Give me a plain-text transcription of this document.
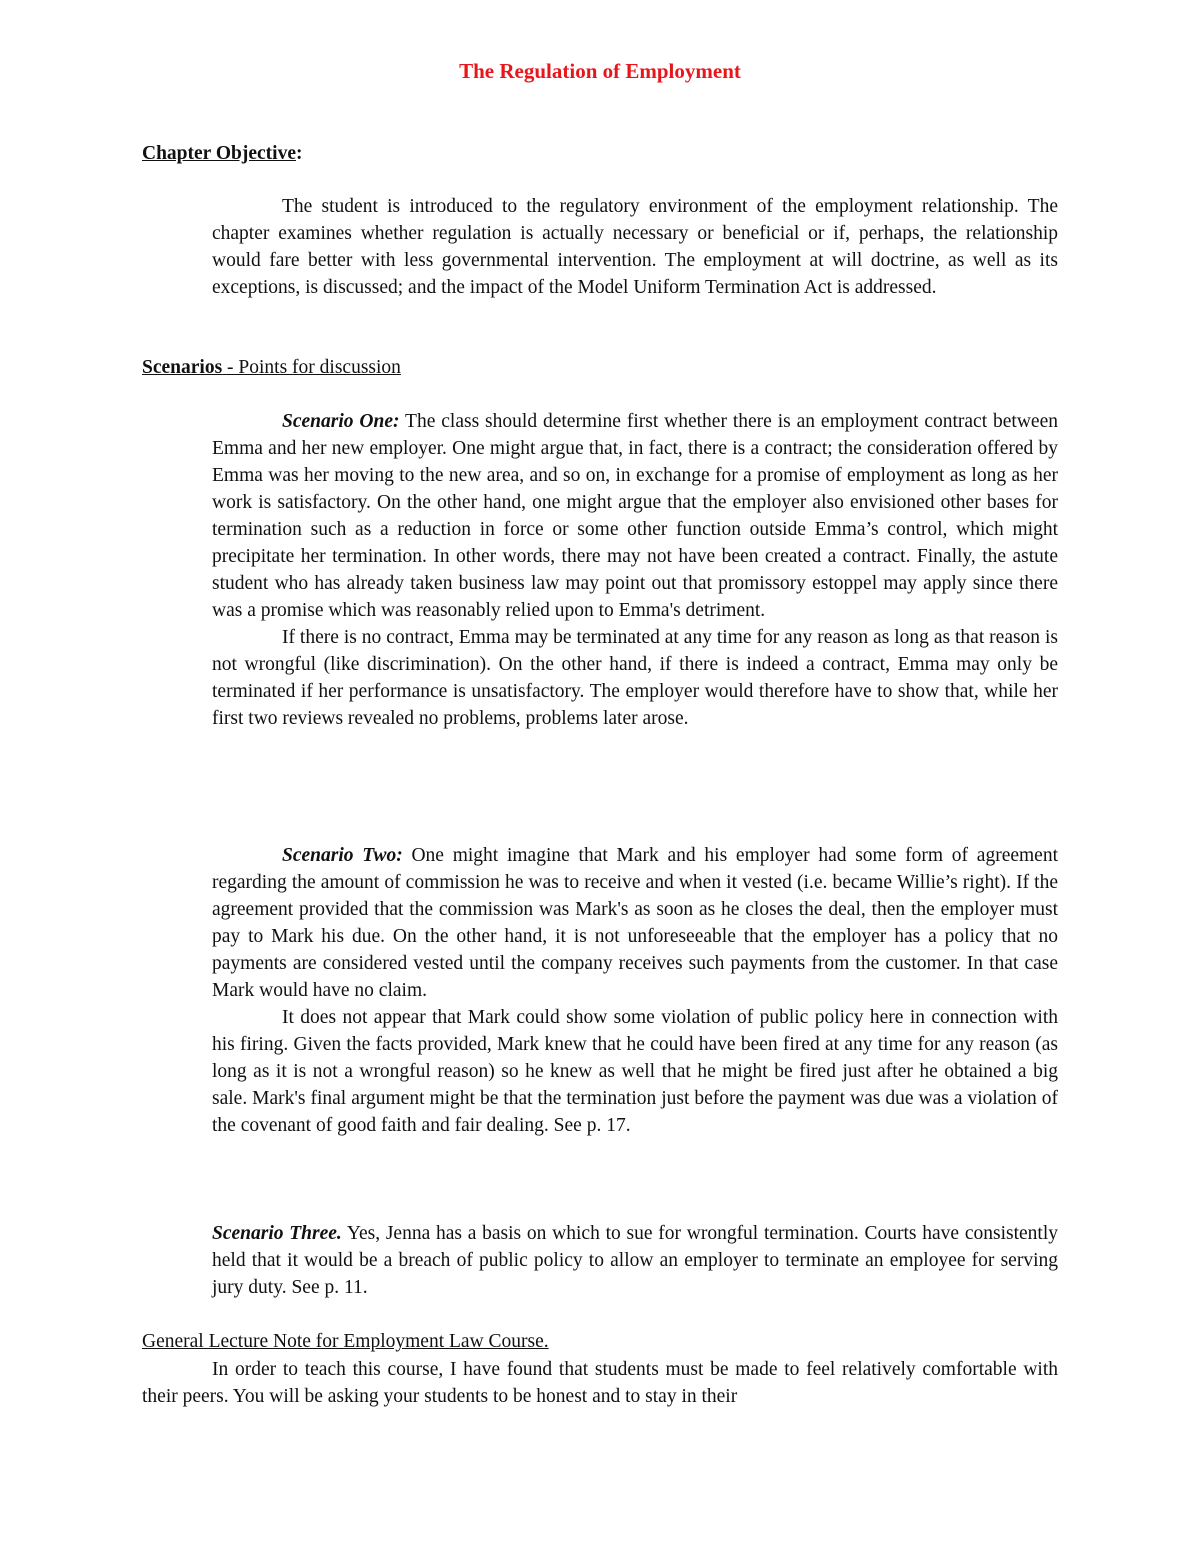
The Regulation of Employment
Chapter Objective:

The student is introduced to the regulatory environment of the employment relationship. The chapter examines whether regulation is actually necessary or beneficial or if, perhaps, the relationship would fare better with less governmental intervention. The employment at will doctrine, as well as its exceptions, is discussed; and the impact of the Model Uniform Termination Act is addressed.

Scenarios - Points for discussion

Scenario One: The class should determine first whether there is an employment contract between Emma and her new employer. One might argue that, in fact, there is a contract; the consideration offered by Emma was her moving to the new area, and so on, in exchange for a promise of employment as long as her work is satisfactory. On the other hand, one might argue that the employer also envisioned other bases for termination such as a reduction in force or some other function outside Emma’s control, which might precipitate her termination. In other words, there may not have been created a contract. Finally, the astute student who has already taken business law may point out that promissory estoppel may apply since there was a promise which was reasonably relied upon to Emma's detriment.

If there is no contract, Emma may be terminated at any time for any reason as long as that reason is not wrongful (like discrimination). On the other hand, if there is indeed a contract, Emma may only be terminated if her performance is unsatisfactory. The employer would therefore have to show that, while her first two reviews revealed no problems, problems later arose.

Scenario Two: One might imagine that Mark and his employer had some form of agreement regarding the amount of commission he was to receive and when it vested (i.e. became Willie’s right). If the agreement provided that the commission was Mark's as soon as he closes the deal, then the employer must pay to Mark his due. On the other hand, it is not unforeseeable that the employer has a policy that no payments are considered vested until the company receives such payments from the customer. In that case Mark would have no claim.

It does not appear that Mark could show some violation of public policy here in connection with his firing. Given the facts provided, Mark knew that he could have been fired at any time for any reason (as long as it is not a wrongful reason) so he knew as well that he might be fired just after he obtained a big sale. Mark's final argument might be that the termination just before the payment was due was a violation of the covenant of good faith and fair dealing. See p. 17.

Scenario Three. Yes, Jenna has a basis on which to sue for wrongful termination. Courts have consistently held that it would be a breach of public policy to allow an employer to terminate an employee for serving jury duty. See p. 11.

General Lecture Note for Employment Law Course.

In order to teach this course, I have found that students must be made to feel relatively comfortable with their peers. You will be asking your students to be honest and to stay in their
